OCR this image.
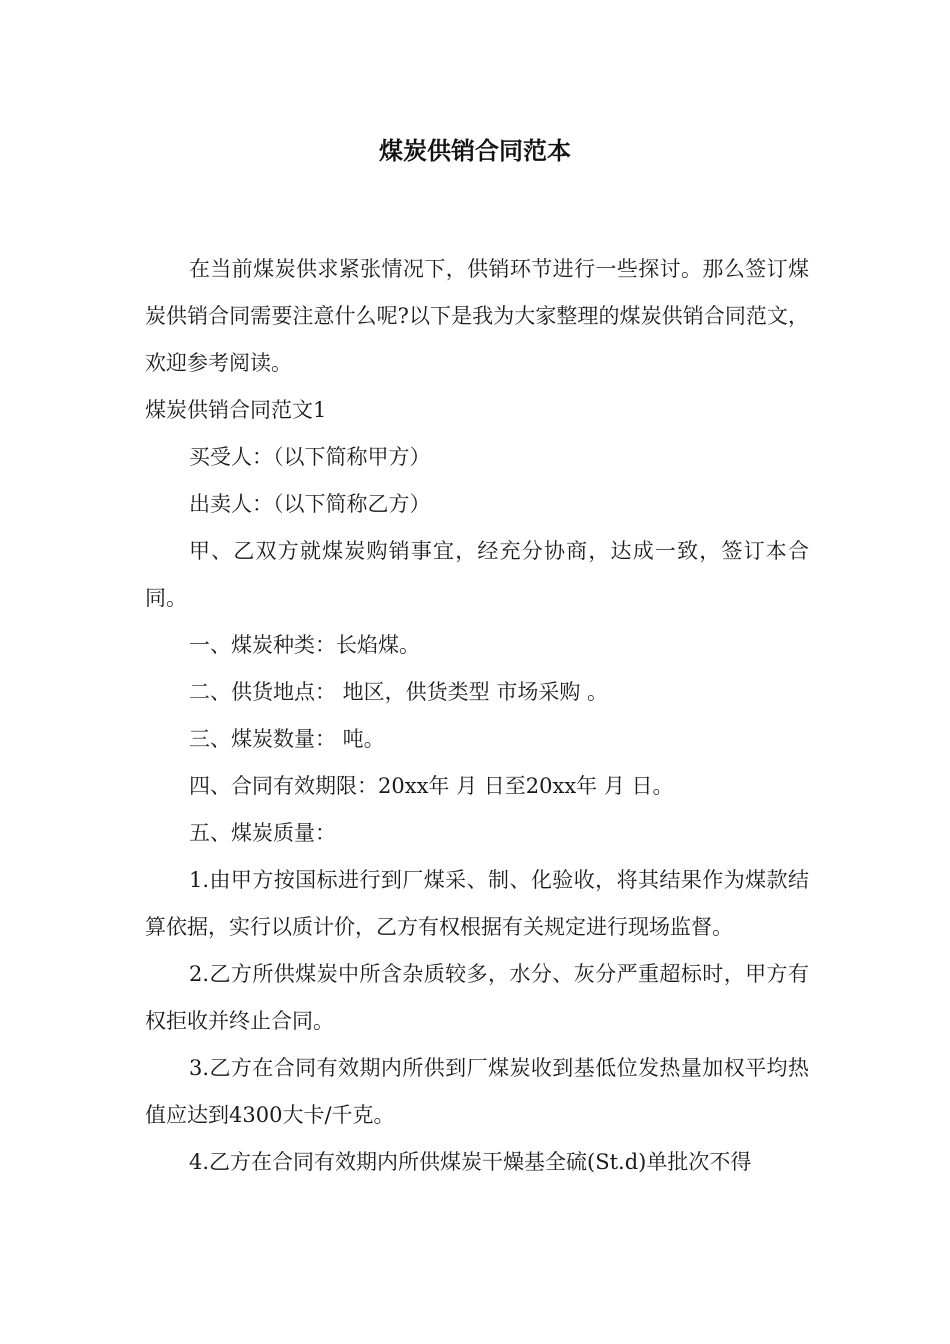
煤炭供销合同范本

在当前煤炭供求紧张情况下，供销环节进行一些探讨。那么签订煤炭供销合同需要注意什么呢?以下是我为大家整理的煤炭供销合同范文，欢迎参考阅读。

煤炭供销合同范文1

买受人：（以下简称甲方）

出卖人：（以下简称乙方）

甲、乙双方就煤炭购销事宜，经充分协商，达成一致，签订本合同。

一、煤炭种类：长焰煤。

二、供货地点： 地区，供货类型 市场采购 。

三、煤炭数量： 吨。

四、合同有效期限：20xx年 月 日至20xx年 月 日。

五、煤炭质量：

1.由甲方按国标进行到厂煤采、制、化验收，将其结果作为煤款结算依据，实行以质计价，乙方有权根据有关规定进行现场监督。

2.乙方所供煤炭中所含杂质较多，水分、灰分严重超标时，甲方有权拒收并终止合同。

3.乙方在合同有效期内所供到厂煤炭收到基低位发热量加权平均热值应达到4300大卡/千克。

4.乙方在合同有效期内所供煤炭干燥基全硫(St.d)单批次不得
